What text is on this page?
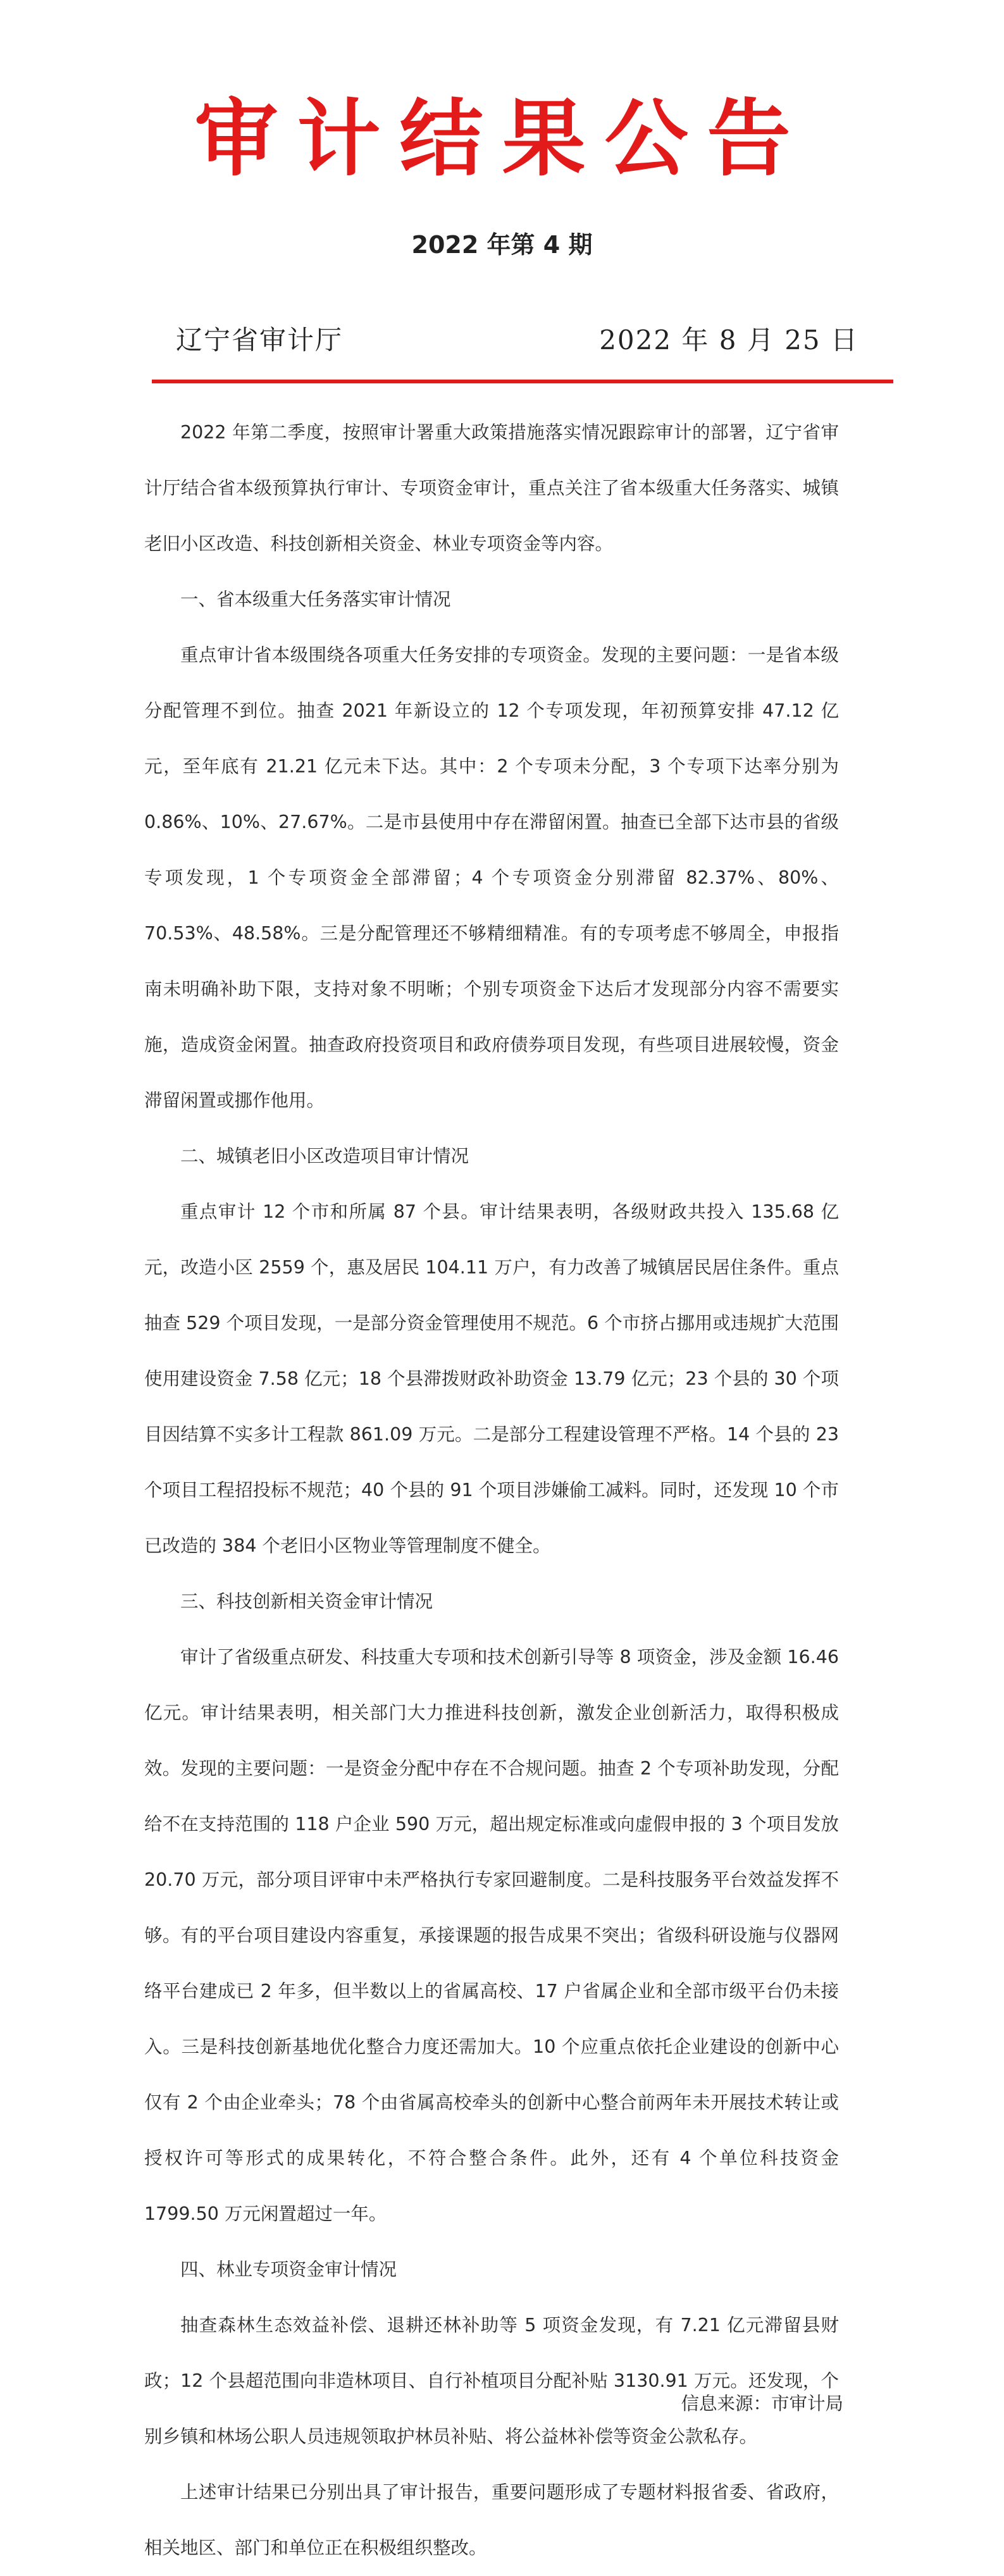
审计结果公告
2022 年第 4 期
辽宁省审计厅	2022 年 8 月 25 日

2022 年第二季度，按照审计署重大政策措施落实情况跟踪审计的部署，辽宁省审计厅结合省本级预算执行审计、专项资金审计，重点关注了省本级重大任务落实、城镇老旧小区改造、科技创新相关资金、林业专项资金等内容。

一、省本级重大任务落实审计情况

重点审计省本级围绕各项重大任务安排的专项资金。发现的主要问题：一是省本级分配管理不到位。抽查 2021 年新设立的 12 个专项发现，年初预算安排 47.12 亿元，至年底有 21.21 亿元未下达。其中：2 个专项未分配，3 个专项下达率分别为 0.86%、10%、27.67%。二是市县使用中存在滞留闲置。抽查已全部下达市县的省级专项发现，1 个专项资金全部滞留；4 个专项资金分别滞留 82.37%、80%、70.53%、48.58%。三是分配管理还不够精细精准。有的专项考虑不够周全，申报指南未明确补助下限，支持对象不明晰；个别专项资金下达后才发现部分内容不需要实施，造成资金闲置。抽查政府投资项目和政府债券项目发现，有些项目进展较慢，资金滞留闲置或挪作他用。

二、城镇老旧小区改造项目审计情况

重点审计 12 个市和所属 87 个县。审计结果表明，各级财政共投入 135.68 亿元，改造小区 2559 个，惠及居民 104.11 万户，有力改善了城镇居民居住条件。重点抽查 529 个项目发现，一是部分资金管理使用不规范。6 个市挤占挪用或违规扩大范围使用建设资金 7.58 亿元；18 个县滞拨财政补助资金 13.79 亿元；23 个县的 30 个项目因结算不实多计工程款 861.09 万元。二是部分工程建设管理不严格。14 个县的 23 个项目工程招投标不规范；40 个县的 91 个项目涉嫌偷工减料。同时，还发现 10 个市已改造的 384 个老旧小区物业等管理制度不健全。

三、科技创新相关资金审计情况

审计了省级重点研发、科技重大专项和技术创新引导等 8 项资金，涉及金额 16.46 亿元。审计结果表明，相关部门大力推进科技创新，激发企业创新活力，取得积极成效。发现的主要问题：一是资金分配中存在不合规问题。抽查 2 个专项补助发现，分配给不在支持范围的 118 户企业 590 万元，超出规定标准或向虚假申报的 3 个项目发放 20.70 万元，部分项目评审中未严格执行专家回避制度。二是科技服务平台效益发挥不够。有的平台项目建设内容重复，承接课题的报告成果不突出；省级科研设施与仪器网络平台建成已 2 年多，但半数以上的省属高校、17 户省属企业和全部市级平台仍未接入。三是科技创新基地优化整合力度还需加大。10 个应重点依托企业建设的创新中心仅有 2 个由企业牵头；78 个由省属高校牵头的创新中心整合前两年未开展技术转让或授权许可等形式的成果转化，不符合整合条件。此外，还有 4 个单位科技资金 1799.50 万元闲置超过一年。

四、林业专项资金审计情况

抽查森林生态效益补偿、退耕还林补助等 5 项资金发现，有 7.21 亿元滞留县财政；12 个县超范围向非造林项目、自行补植项目分配补贴 3130.91 万元。还发现，个别乡镇和林场公职人员违规领取护林员补贴、将公益林补偿等资金公款私存。

上述审计结果已分别出具了审计报告，重要问题形成了专题材料报省委、省政府，相关地区、部门和单位正在积极组织整改。

信息来源：市审计局
